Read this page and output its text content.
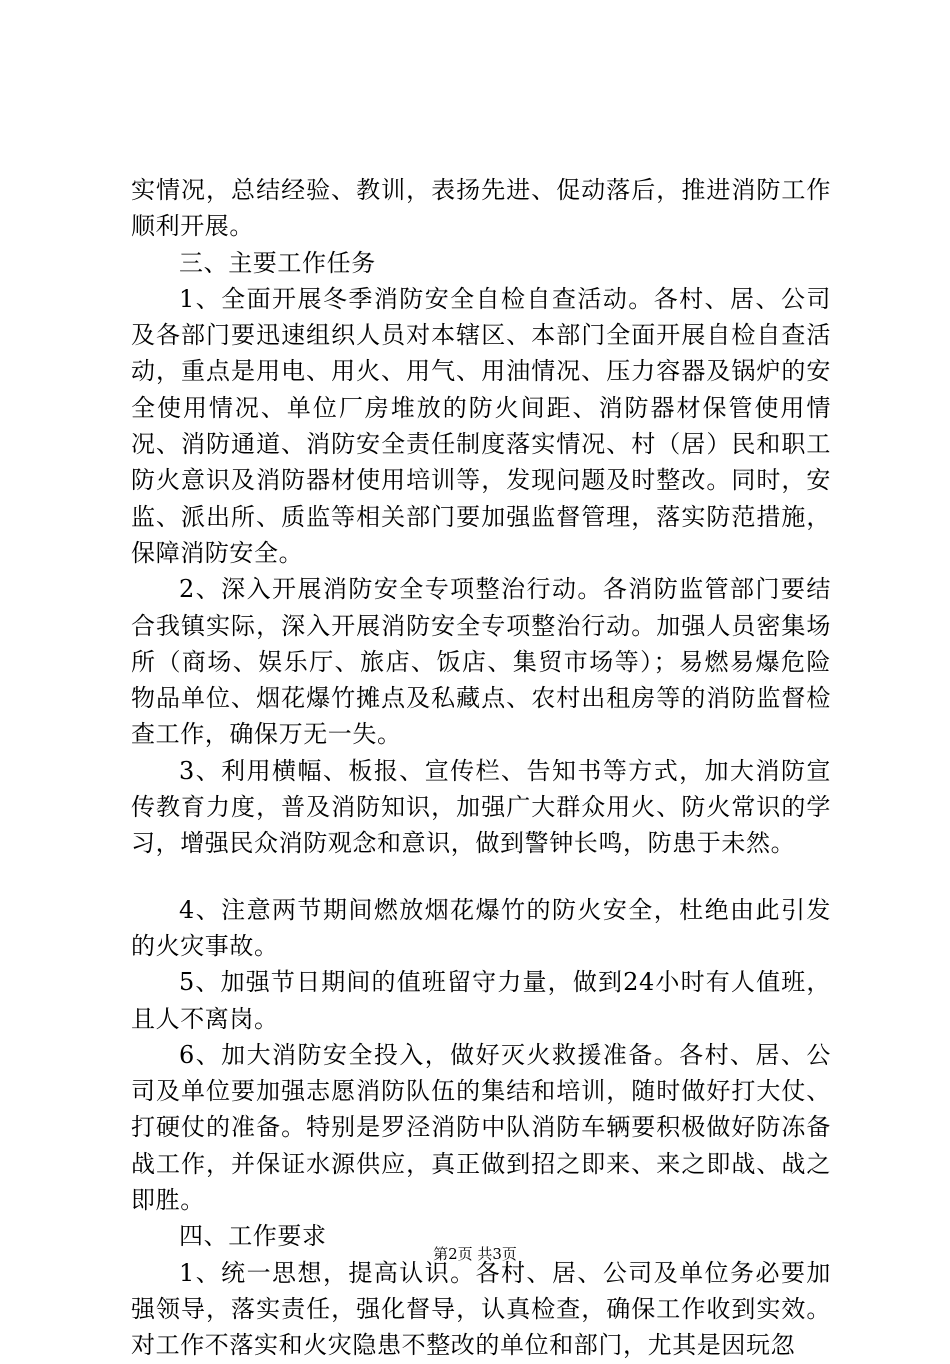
实情况，总结经验、教训，表扬先进、促动落后，推进消防工作顺利开展。

三、主要工作任务

1、全面开展冬季消防安全自检自查活动。各村、居、公司及各部门要迅速组织人员对本辖区、本部门全面开展自检自查活动，重点是用电、用火、用气、用油情况、压力容器及锅炉的安全使用情况、单位厂房堆放的防火间距、消防器材保管使用情况、消防通道、消防安全责任制度落实情况、村（居）民和职工防火意识及消防器材使用培训等，发现问题及时整改。同时，安监、派出所、质监等相关部门要加强监督管理，落实防范措施，保障消防安全。

2、深入开展消防安全专项整治行动。各消防监管部门要结合我镇实际，深入开展消防安全专项整治行动。加强人员密集场所（商场、娱乐厅、旅店、饭店、集贸市场等）；易燃易爆危险物品单位、烟花爆竹摊点及私藏点、农村出租房等的消防监督检查工作，确保万无一失。

3、利用横幅、板报、宣传栏、告知书等方式，加大消防宣传教育力度，普及消防知识，加强广大群众用火、防火常识的学习，增强民众消防观念和意识，做到警钟长鸣，防患于未然。

4、注意两节期间燃放烟花爆竹的防火安全，杜绝由此引发的火灾事故。

5、加强节日期间的值班留守力量，做到24小时有人值班，且人不离岗。

6、加大消防安全投入，做好灭火救援准备。各村、居、公司及单位要加强志愿消防队伍的集结和培训，随时做好打大仗、打硬仗的准备。特别是罗泾消防中队消防车辆要积极做好防冻备战工作，并保证水源供应，真正做到招之即来、来之即战、战之即胜。

四、工作要求

1、统一思想，提高认识。各村、居、公司及单位务必要加强领导，落实责任，强化督导，认真检查，确保工作收到实效。对工作不落实和火灾隐患不整改的单位和部门，尤其是因玩忽

第2页 共3页
